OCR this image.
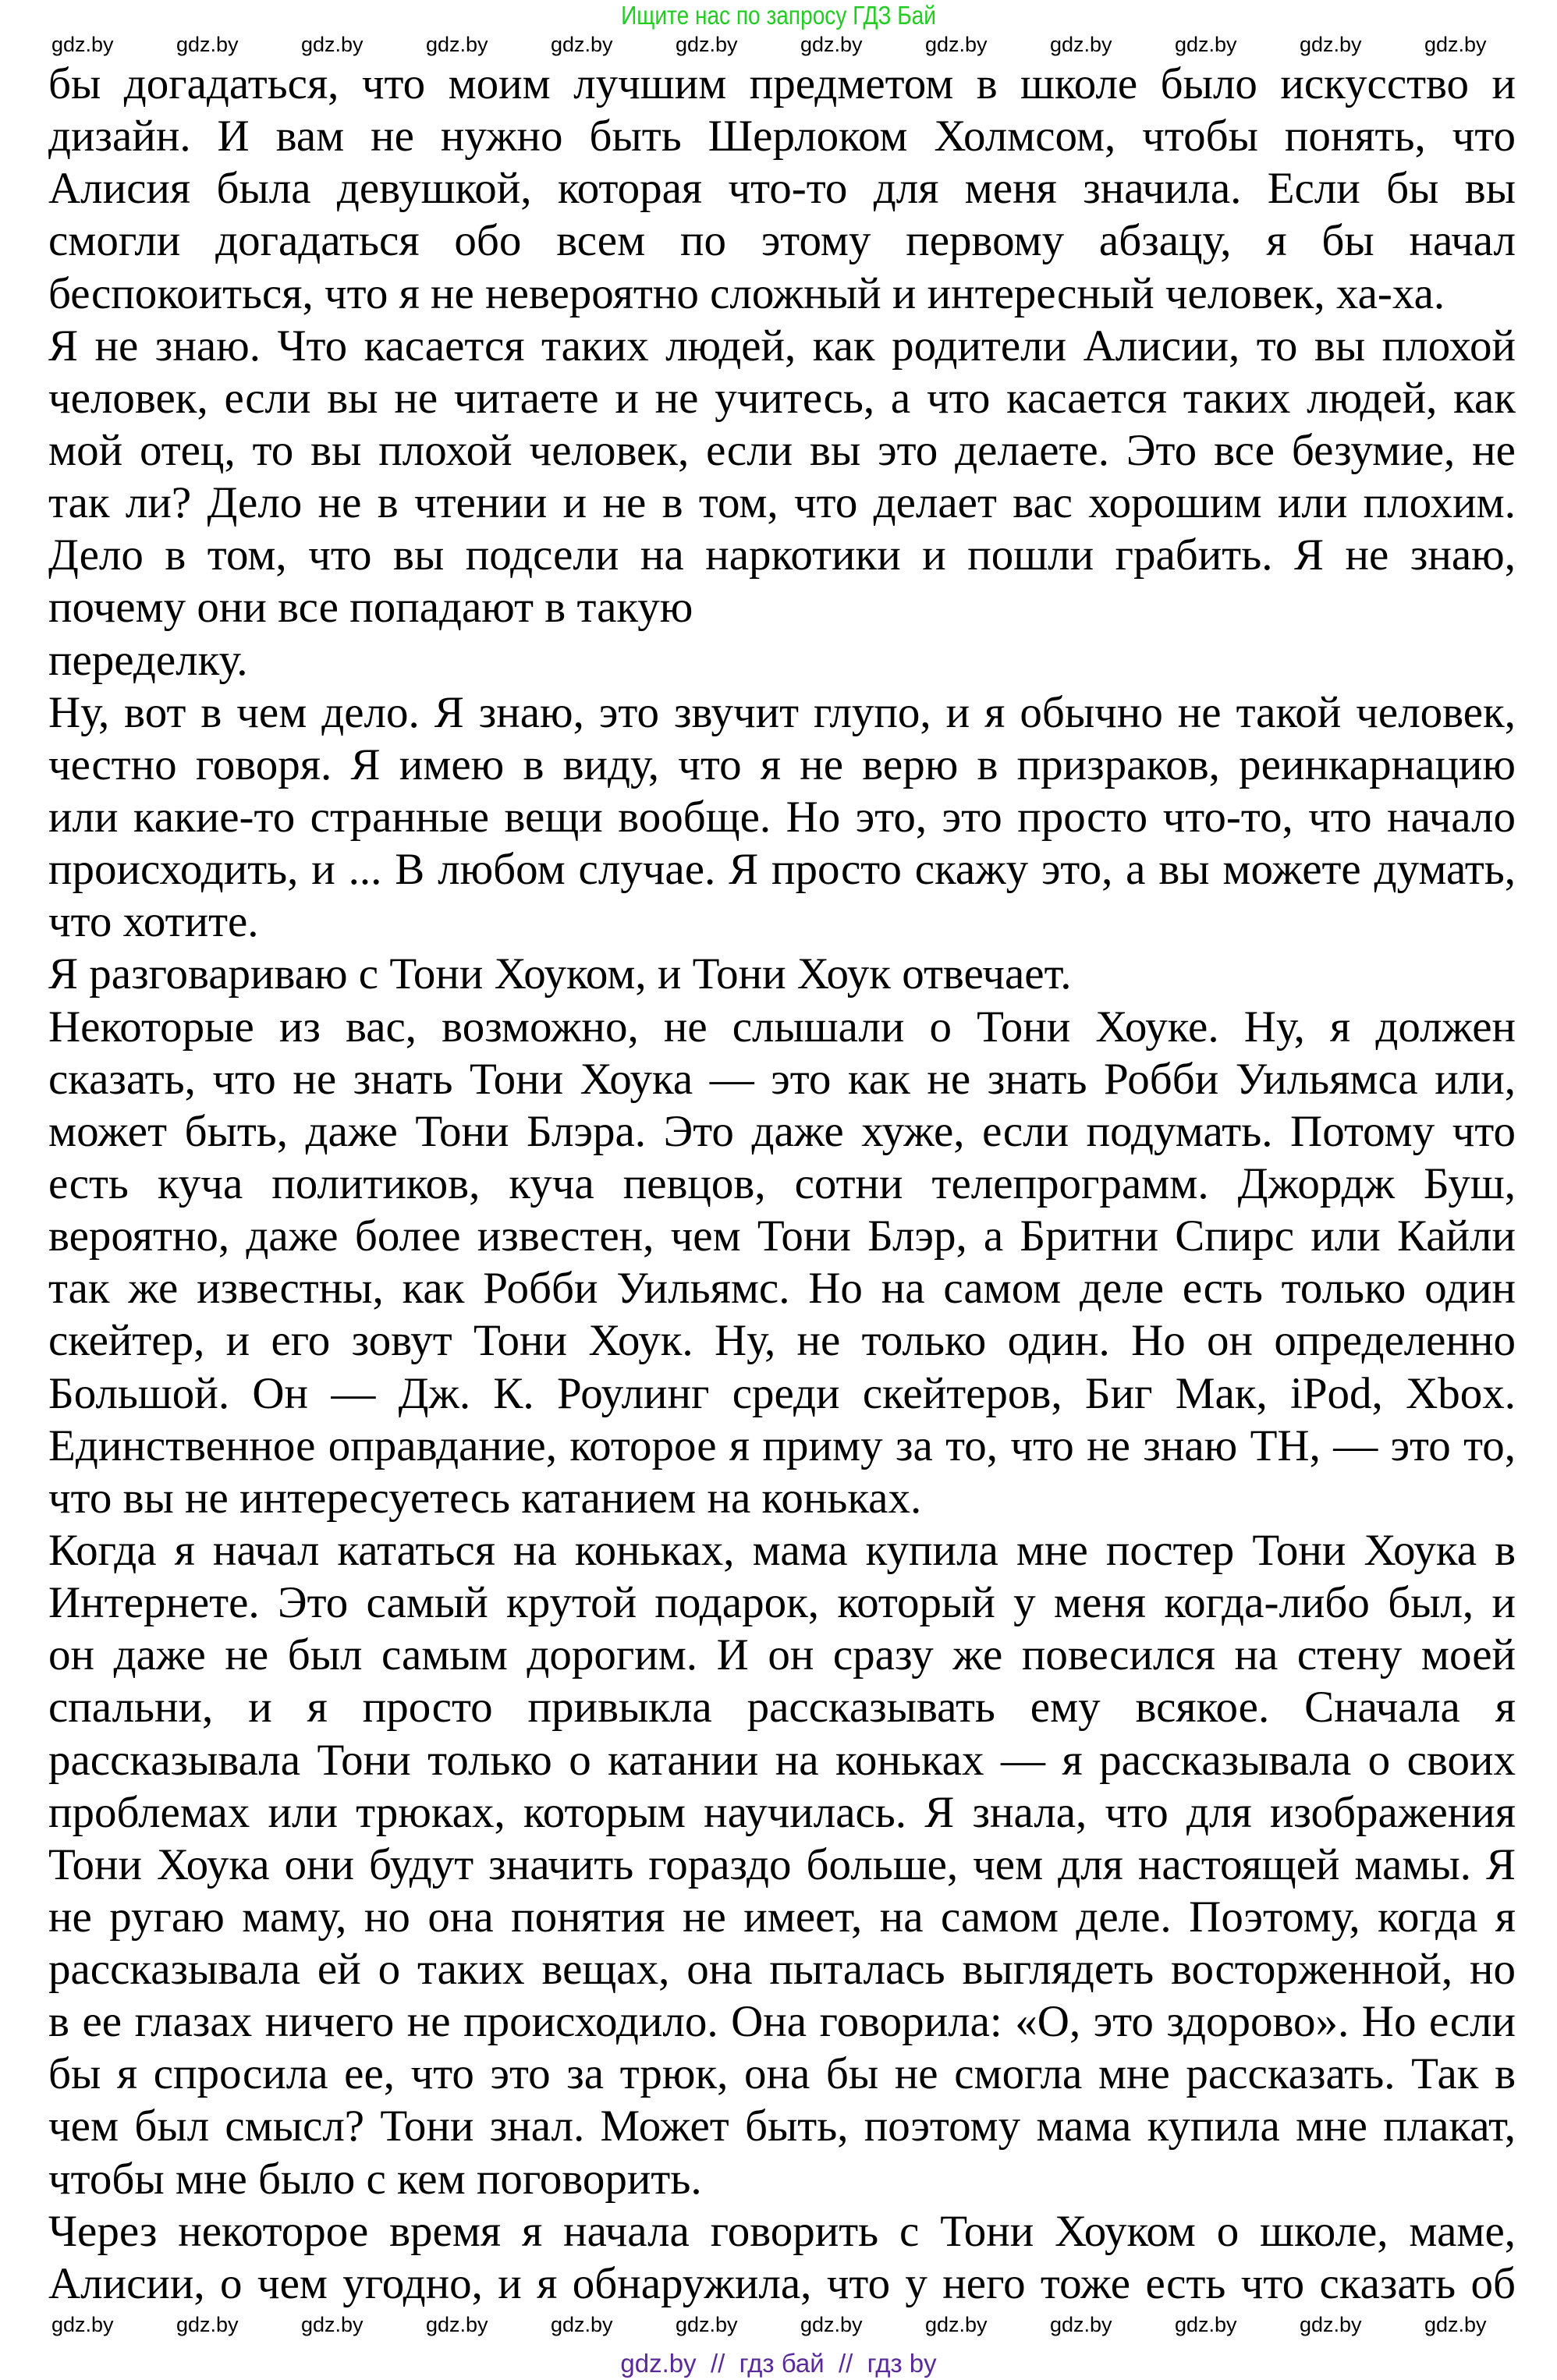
Ищите нас по запросу ГДЗ Бай
бы догадаться, что моим лучшим предметом в школе было искусство и
дизайн. И вам не нужно быть Шерлоком Холмсом, чтобы понять, что
Алисия была девушкой, которая что-то для меня значила. Если бы вы
смогли догадаться обо всем по этому первому абзацу, я бы начал
беспокоиться, что я не невероятно сложный и интересный человек, ха-ха.
Я не знаю. Что касается таких людей, как родители Алисии, то вы плохой
человек, если вы не читаете и не учитесь, а что касается таких людей, как
мой отец, то вы плохой человек, если вы это делаете. Это все безумие, не
так ли? Дело не в чтении и не в том, что делает вас хорошим или плохим.
Дело в том, что вы подсели на наркотики и пошли грабить. Я не знаю,
почему они все попадают в такую
переделку.
Ну, вот в чем дело. Я знаю, это звучит глупо, и я обычно не такой человек,
честно говоря. Я имею в виду, что я не верю в призраков, реинкарнацию
или какие-то странные вещи вообще. Но это, это просто что-то, что начало
происходить, и ... В любом случае. Я просто скажу это, а вы можете думать,
что хотите.
Я разговариваю с Тони Хоуком, и Тони Хоук отвечает.
Некоторые из вас, возможно, не слышали о Тони Хоуке. Ну, я должен
сказать, что не знать Тони Хоука — это как не знать Робби Уильямса или,
может быть, даже Тони Блэра. Это даже хуже, если подумать. Потому что
есть куча политиков, куча певцов, сотни телепрограмм. Джордж Буш,
вероятно, даже более известен, чем Тони Блэр, а Бритни Спирс или Кайли
так же известны, как Робби Уильямс. Но на самом деле есть только один
скейтер, и его зовут Тони Хоук. Ну, не только один. Но он определенно
Большой. Он — Дж. К. Роулинг среди скейтеров, Биг Мак, iPod, Xbox.
Единственное оправдание, которое я приму за то, что не знаю TH, — это то,
что вы не интересуетесь катанием на коньках.
Когда я начал кататься на коньках, мама купила мне постер Тони Хоука в
Интернете. Это самый крутой подарок, который у меня когда-либо был, и
он даже не был самым дорогим. И он сразу же повесился на стену моей
спальни, и я просто привыкла рассказывать ему всякое. Сначала я
рассказывала Тони только о катании на коньках — я рассказывала о своих
проблемах или трюках, которым научилась. Я знала, что для изображения
Тони Хоука они будут значить гораздо больше, чем для настоящей мамы. Я
не ругаю маму, но она понятия не имеет, на самом деле. Поэтому, когда я
рассказывала ей о таких вещах, она пыталась выглядеть восторженной, но
в ее глазах ничего не происходило. Она говорила: «О, это здорово». Но если
бы я спросила ее, что это за трюк, она бы не смогла мне рассказать. Так в
чем был смысл? Тони знал. Может быть, поэтому мама купила мне плакат,
чтобы мне было с кем поговорить.
Через некоторое время я начала говорить с Тони Хоуком о школе, маме,
Алисии, о чем угодно, и я обнаружила, что у него тоже есть что сказать об
gdz.by	gdz.by	gdz.by	gdz.by	gdz.by	gdz.by	gdz.by	gdz.by	gdz.by	gdz.by	gdz.by	gdz.by
gdz.by	gdz.by	gdz.by	gdz.by	gdz.by	gdz.by	gdz.by	gdz.by	gdz.by	gdz.by	gdz.by	gdz.by
gdz.by  //  гдз бай  //  гдз by
